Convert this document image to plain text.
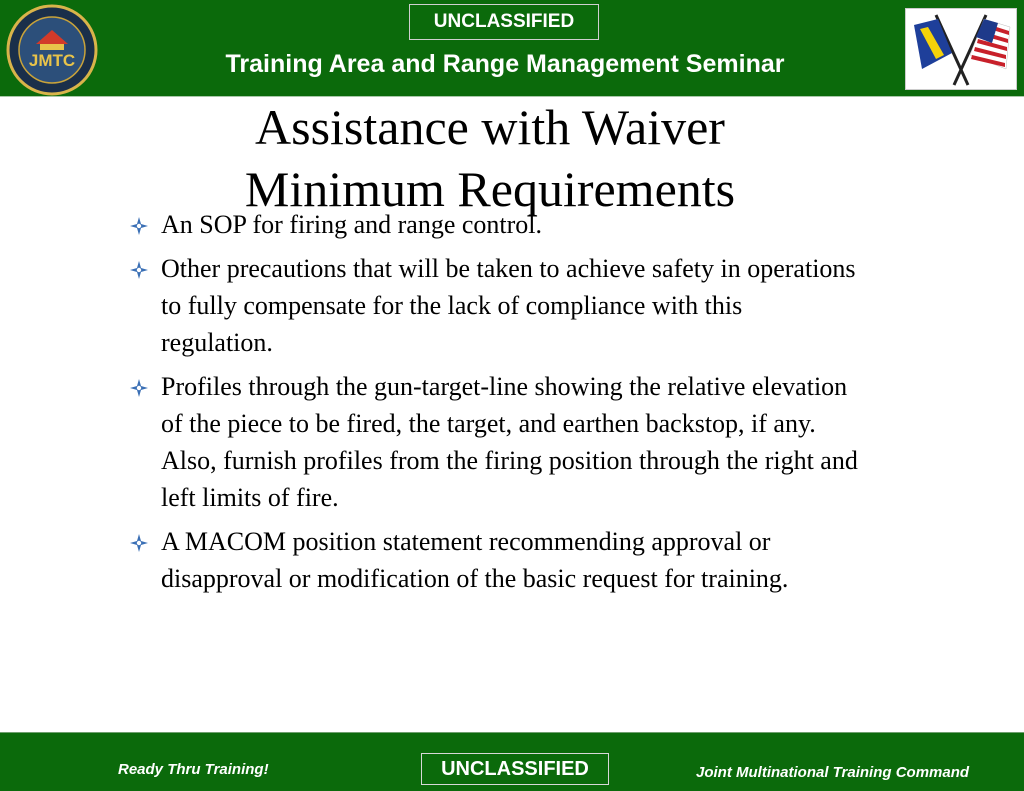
JMTC
UNCLASSIFIED
Training Area and Range Management Seminar
Assistance with Waiver
Minimum Requirements
An SOP for firing and range control.
Other precautions that will be taken to achieve safety in operations to fully compensate for the lack of compliance with this regulation.
Profiles through the gun-target-line showing the relative elevation of the piece to be fired, the target, and earthen backstop, if any. Also, furnish profiles from the firing position through the right and left limits of fire.
A MACOM position statement recommending approval or disapproval or modification of the basic request for training.
Ready Thru Training!	UNCLASSIFIED	Joint Multinational Training Command
